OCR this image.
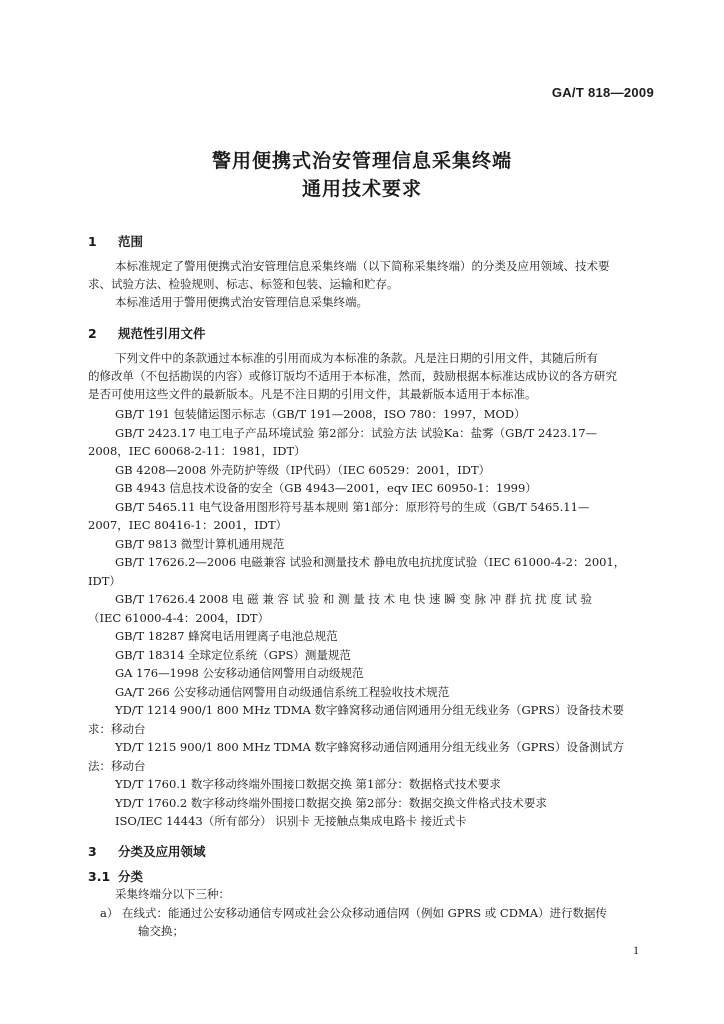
GA/T 818—2009
警用便携式治安管理信息采集终端
通用技术要求
1 范围
本标准规定了警用便携式治安管理信息采集终端（以下简称采集终端）的分类及应用领域、技术要
求、试验方法、检验规则、标志、标签和包装、运输和贮存。
本标准适用于警用便携式治安管理信息采集终端。
2 规范性引用文件
下列文件中的条款通过本标准的引用而成为本标准的条款。凡是注日期的引用文件，其随后所有
的修改单（不包括勘误的内容）或修订版均不适用于本标准，然而，鼓励根据本标准达成协议的各方研究
是否可使用这些文件的最新版本。凡是不注日期的引用文件，其最新版本适用于本标准。
GB/T 191 包装储运图示标志（GB/T 191—2008，ISO 780：1997，MOD）
GB/T 2423.17 电工电子产品环境试验 第2部分：试验方法 试验Ka：盐雾（GB/T 2423.17—
2008，IEC 60068-2-11：1981，IDT）
GB 4208—2008 外壳防护等级（IP代码）（IEC 60529：2001，IDT）
GB 4943 信息技术设备的安全（GB 4943—2001，eqv IEC 60950-1：1999）
GB/T 5465.11 电气设备用图形符号基本规则 第1部分：原形符号的生成（GB/T 5465.11—
2007，IEC 80416-1：2001，IDT）
GB/T 9813 微型计算机通用规范
GB/T 17626.2—2006 电磁兼容 试验和测量技术 静电放电抗扰度试验（IEC 61000-4-2：2001，
IDT）
GB/T 17626.4 2008 电 磁 兼 容 试 验 和 测 量 技 术 电 快 速 瞬 变 脉 冲 群 抗 扰 度 试 验
（IEC 61000-4-4：2004，IDT）
GB/T 18287 蜂窝电话用锂离子电池总规范
GB/T 18314 全球定位系统（GPS）测量规范
GA 176—1998 公安移动通信网警用自动级规范
GA/T 266 公安移动通信网警用自动级通信系统工程验收技术规范
YD/T 1214 900/1 800 MHz TDMA 数字蜂窝移动通信网通用分组无线业务（GPRS）设备技术要
求：移动台
YD/T 1215 900/1 800 MHz TDMA 数字蜂窝移动通信网通用分组无线业务（GPRS）设备测试方
法：移动台
YD/T 1760.1 数字移动终端外围接口数据交换 第1部分：数据格式技术要求
YD/T 1760.2 数字移动终端外围接口数据交换 第2部分：数据交换文件格式技术要求
ISO/IEC 14443（所有部分） 识别卡 无接触点集成电路卡 接近式卡
3 分类及应用领域
3.1 分类
采集终端分以下三种：
a） 在线式：能通过公安移动通信专网或社会公众移动通信网（例如 GPRS 或 CDMA）进行数据传
输交换；
1
